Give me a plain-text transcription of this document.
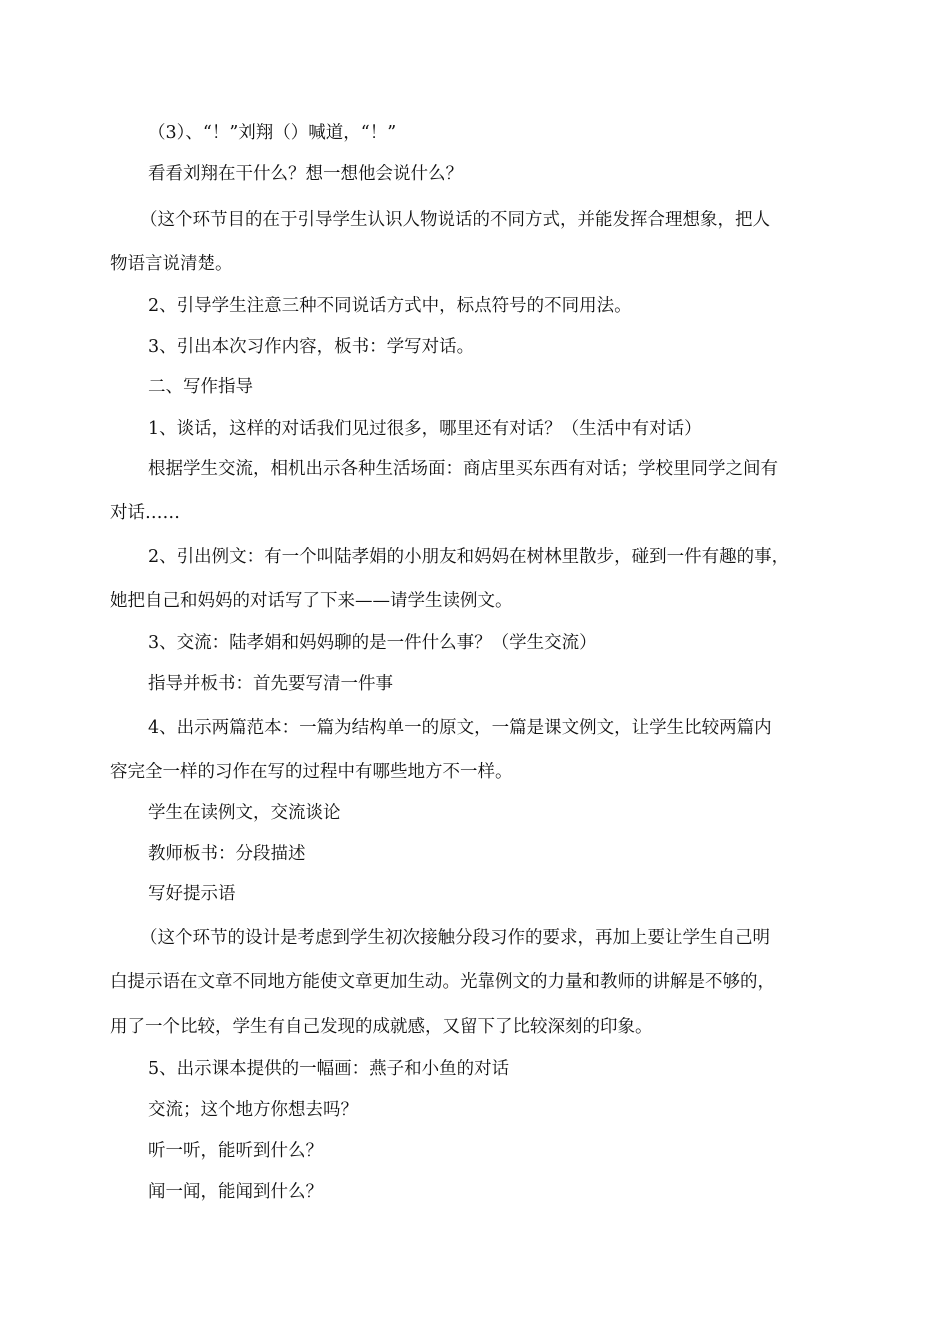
（3）、“！”刘翔（）喊道，“！”
看看刘翔在干什么？想一想他会说什么？
（这个环节目的在于引导学生认识人物说话的不同方式，并能发挥合理想象，把人
物语言说清楚。
2、引导学生注意三种不同说话方式中，标点符号的不同用法。
3、引出本次习作内容，板书：学写对话。
二、写作指导
1、谈话，这样的对话我们见过很多，哪里还有对话？（生活中有对话）
根据学生交流，相机出示各种生活场面：商店里买东西有对话；学校里同学之间有
对话……
2、引出例文：有一个叫陆孝娟的小朋友和妈妈在树林里散步，碰到一件有趣的事，
她把自己和妈妈的对话写了下来——请学生读例文。
3、交流：陆孝娟和妈妈聊的是一件什么事？（学生交流）
指导并板书：首先要写清一件事
4、出示两篇范本：一篇为结构单一的原文，一篇是课文例文，让学生比较两篇内
容完全一样的习作在写的过程中有哪些地方不一样。
学生在读例文，交流谈论
教师板书：分段描述
写好提示语
（这个环节的设计是考虑到学生初次接触分段习作的要求，再加上要让学生自己明
白提示语在文章不同地方能使文章更加生动。光靠例文的力量和教师的讲解是不够的，
用了一个比较，学生有自己发现的成就感，又留下了比较深刻的印象。
5、出示课本提供的一幅画：燕子和小鱼的对话
交流；这个地方你想去吗？
听一听，能听到什么？
闻一闻，能闻到什么？
